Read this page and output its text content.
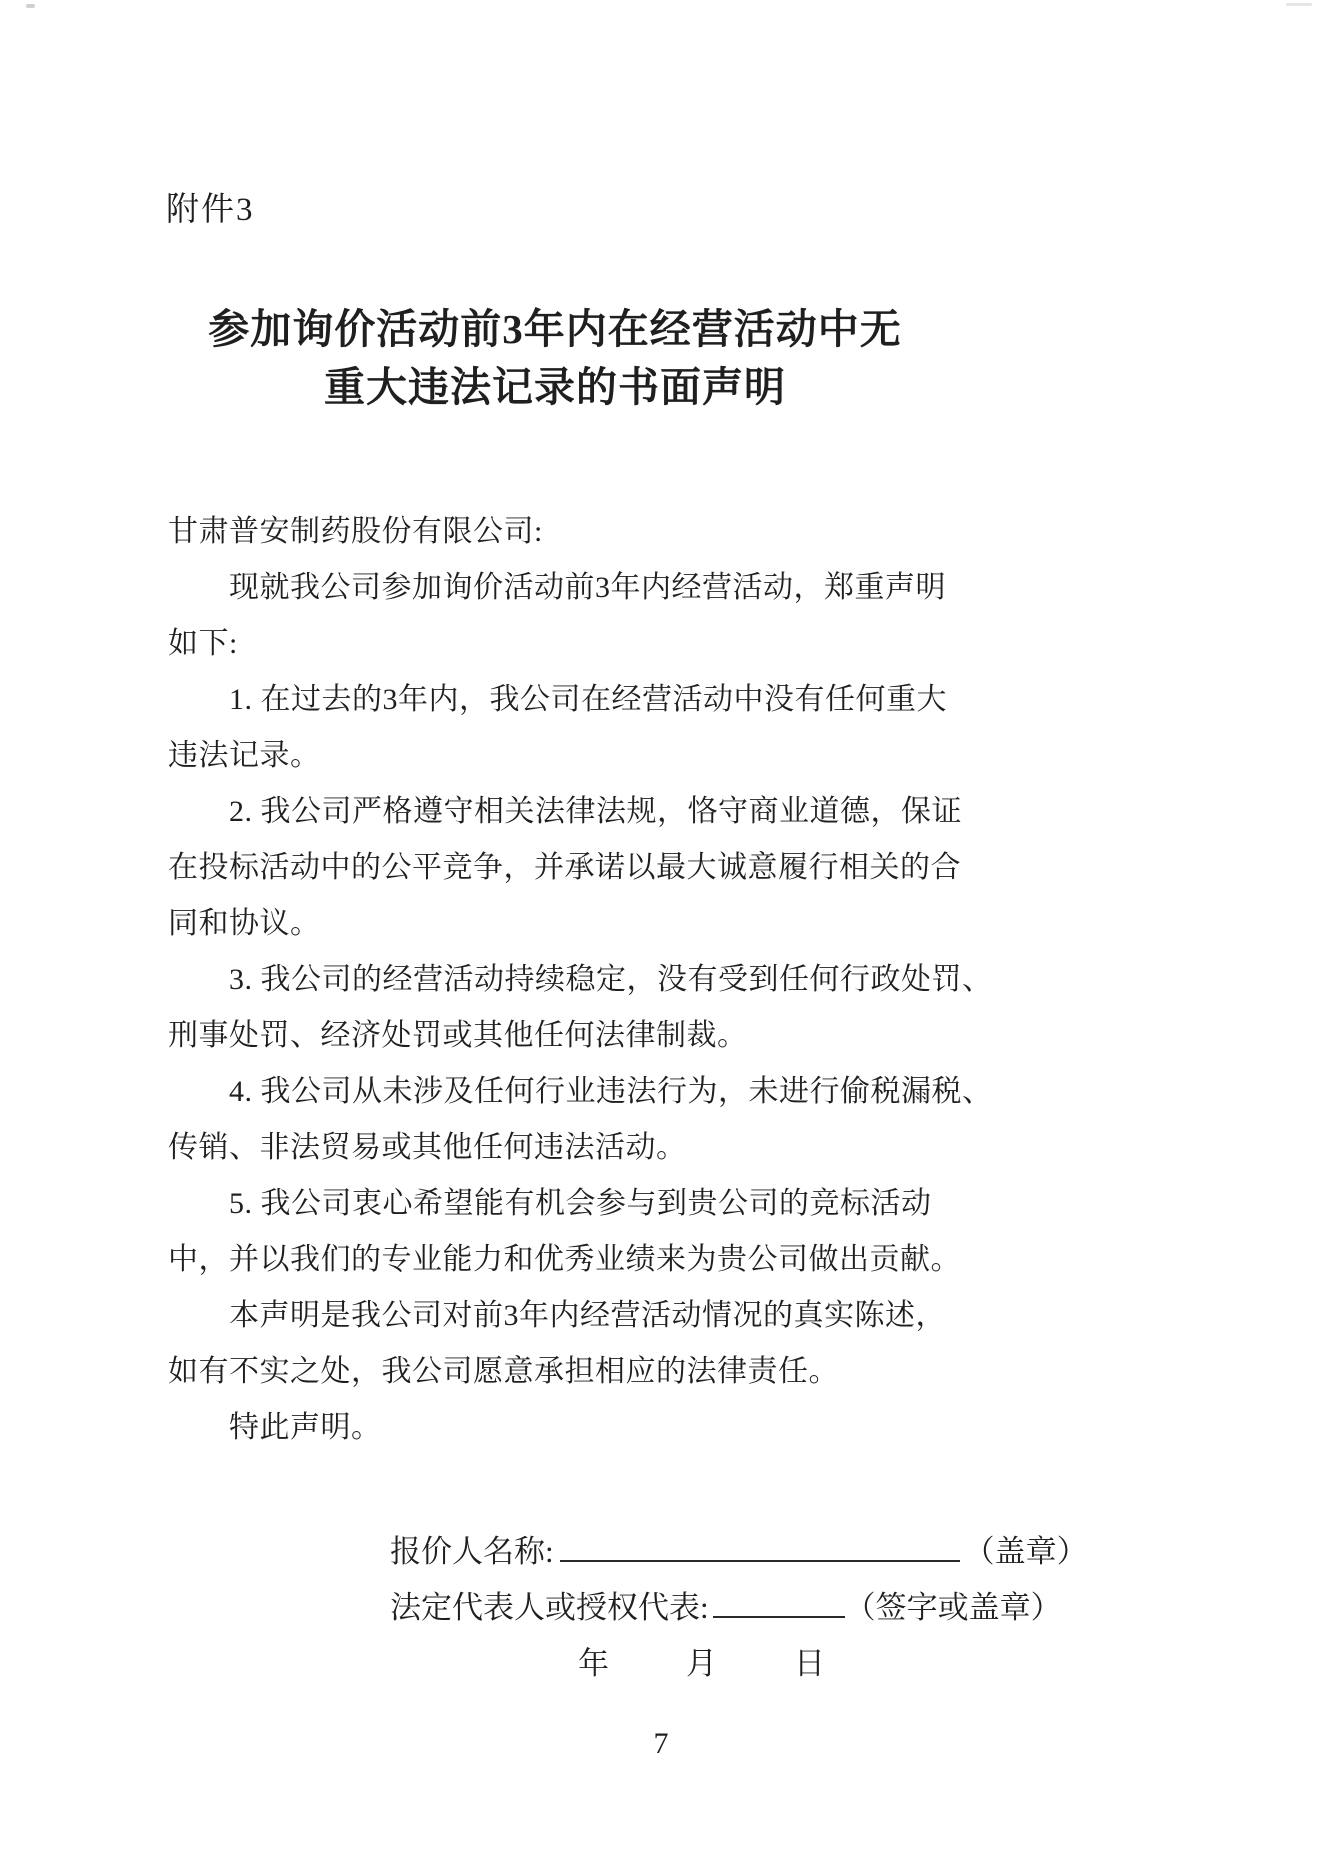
附件3
参加询价活动前3年内在经营活动中无
重大违法记录的书面声明
甘肃普安制药股份有限公司:
　　现就我公司参加询价活动前3年内经营活动，郑重声明
如下:
　　1. 在过去的3年内，我公司在经营活动中没有任何重大
违法记录。
　　2. 我公司严格遵守相关法律法规，恪守商业道德，保证
在投标活动中的公平竞争，并承诺以最大诚意履行相关的合
同和协议。
　　3. 我公司的经营活动持续稳定，没有受到任何行政处罚、
刑事处罚、经济处罚或其他任何法律制裁。
　　4. 我公司从未涉及任何行业违法行为，未进行偷税漏税、
传销、非法贸易或其他任何违法活动。
　　5. 我公司衷心希望能有机会参与到贵公司的竞标活动
中，并以我们的专业能力和优秀业绩来为贵公司做出贡献。
　　本声明是我公司对前3年内经营活动情况的真实陈述，
如有不实之处，我公司愿意承担相应的法律责任。
　　特此声明。
报价人名称:	（盖章）
法定代表人或授权代表:	（签字或盖章）
年 月 日
7
